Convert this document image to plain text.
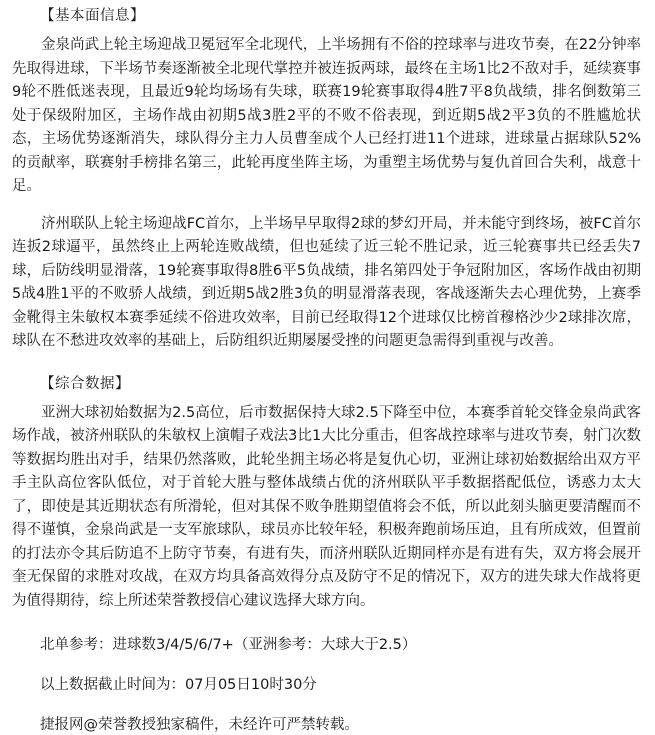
【基本面信息】

金泉尚武上轮主场迎战卫冕冠军全北现代，上半场拥有不俗的控球率与进攻节奏，在22分钟率先取得进球，下半场节奏逐渐被全北现代掌控并被连扳两球，最终在主场1比2不敌对手，延续赛事9轮不胜低迷表现，且最近9轮均场场有失球，联赛19轮赛事取得4胜7平8负战绩，排名倒数第三处于保级附加区，主场作战由初期5战3胜2平的不败不俗表现，到近期5战2平3负的不胜尴尬状态，主场优势逐渐消失，球队得分主力人员曹奎成个人已经打进11个进球，进球量占据球队52%的贡献率，联赛射手榜排名第三，此轮再度坐阵主场，为重塑主场优势与复仇首回合失利，战意十足。

济州联队上轮主场迎战FC首尔，上半场早早取得2球的梦幻开局，并未能守到终场，被FC首尔连扳2球逼平，虽然终止上两轮连败战绩，但也延续了近三轮不胜记录，近三轮赛事共已经丢失7球，后防线明显滑落，19轮赛事取得8胜6平5负战绩，排名第四处于争冠附加区，客场作战由初期5战4胜1平的不败骄人战绩，到近期5战2胜3负的明显滑落表现，客战逐渐失去心理优势，上赛季金靴得主朱敏权本赛季延续不俗进攻效率，目前已经取得12个进球仅比榜首穆格沙少2球排次席，球队在不愁进攻效率的基础上，后防组织近期屡屡受挫的问题更急需得到重视与改善。

【综合数据】

亚洲大球初始数据为2.5高位，后市数据保持大球2.5下降至中位，本赛季首轮交锋金泉尚武客场作战，被济州联队的朱敏权上演帽子戏法3比1大比分重击，但客战控球率与进攻节奏，射门次数等数据均胜出对手，结果仍然落败，此轮坐拥主场必将是复仇心切，亚洲让球初始数据给出双方平手主队高位客队低位，对于首轮大胜与整体战绩占优的济州联队平手数据搭配低位，诱惑力太大了，即使是其近期状态有所滑轮，但对其保不败争胜期望值将会不低，所以此刻头脑更要清醒而不得不谨慎，金泉尚武是一支军旅球队，球员亦比较年轻，积极奔跑前场压迫，且有所成效，但置前的打法亦令其后防追不上防守节奏，有进有失，而济州联队近期同样亦是有进有失，双方将会展开奎无保留的求胜对攻战，在双方均具备高效得分点及防守不足的情况下，双方的进失球大作战将更为值得期待，综上所述荣誉教授信心建议选择大球方向。

北单参考：进球数3/4/5/6/7+（亚洲参考：大球大于2.5）
以上数据截止时间为：07月05日10时30分
捷报网@荣誉教授独家稿件，未经许可严禁转载。
